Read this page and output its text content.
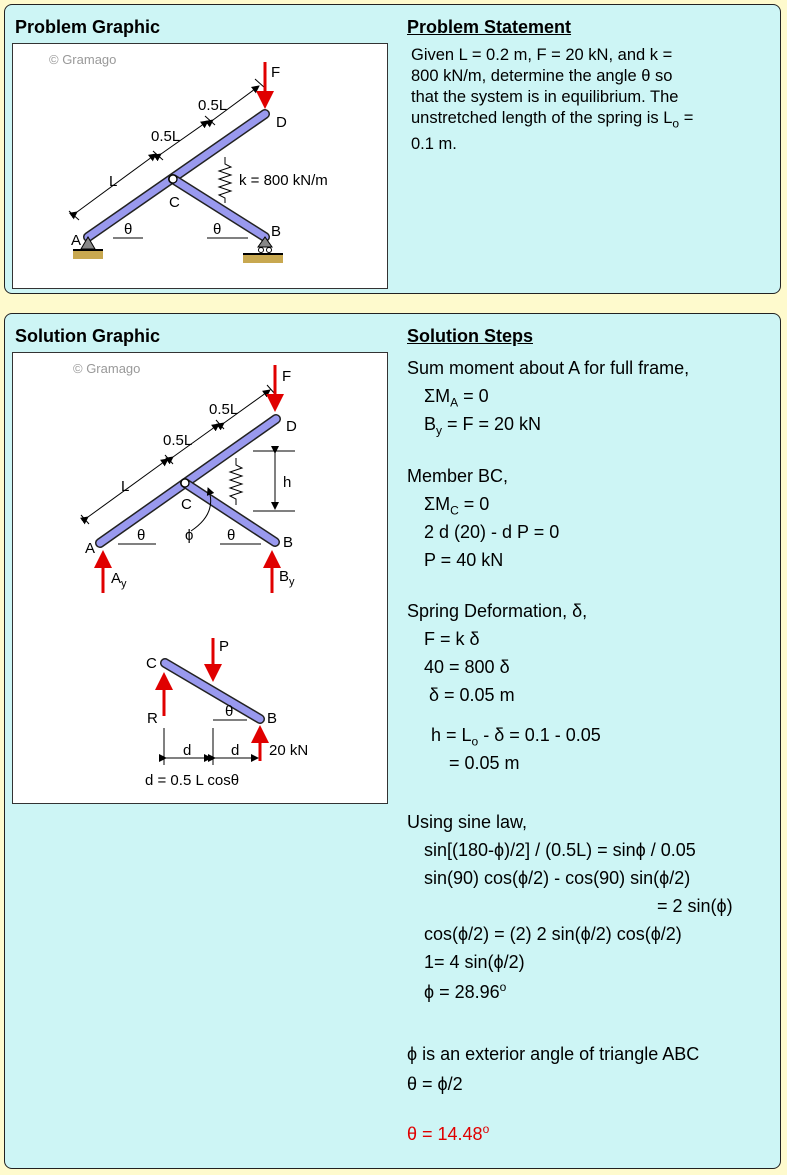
Problem Graphic	Problem Statement
© Gramago
F
D
0.5L
0.5L
L
C
k = 800 kN/m
A
B
θ	θ
Given L = 0.2 m, F = 20 kN, and k =
800 kN/m, determine the angle θ so
that the system is in equilibrium. The
unstretched length of the spring is $L_o$ =
0.1 m.
Solution Graphic	Solution Steps
© Gramago	F
D
0.5L
0.5L
L	h
C
A	B
θ	θ
ϕ
$A_y$	$B_y$
C
P
R	θ B
d	d 20 kN
d = 0.5 L cosθ
Sum moment about A for full frame,
$\Sigma M_A = 0$
$B_y = F = 20$ kN
Member BC,
$\Sigma M_C = 0$
2 d (20) - d P = 0
P = 40 kN
Spring Deformation, δ,
F = k δ
40 = 800 δ
δ = 0.05 m
$h = L_o - \delta = 0.1 - 0.05$
= 0.05 m
Using sine law,
sin[(180-ϕ)/2] / (0.5L) = sinϕ / 0.05
sin(90) cos(ϕ/2) - cos(90) sin(ϕ/2)
= 2 sin(ϕ)
cos(ϕ/2) = (2) 2 sin(ϕ/2) cos(ϕ/2)
1= 4 sin(ϕ/2)
$\phi = 28.96^o$
ϕ is an exterior angle of triangle ABC
θ = ϕ/2
$\theta = 14.48^o$
